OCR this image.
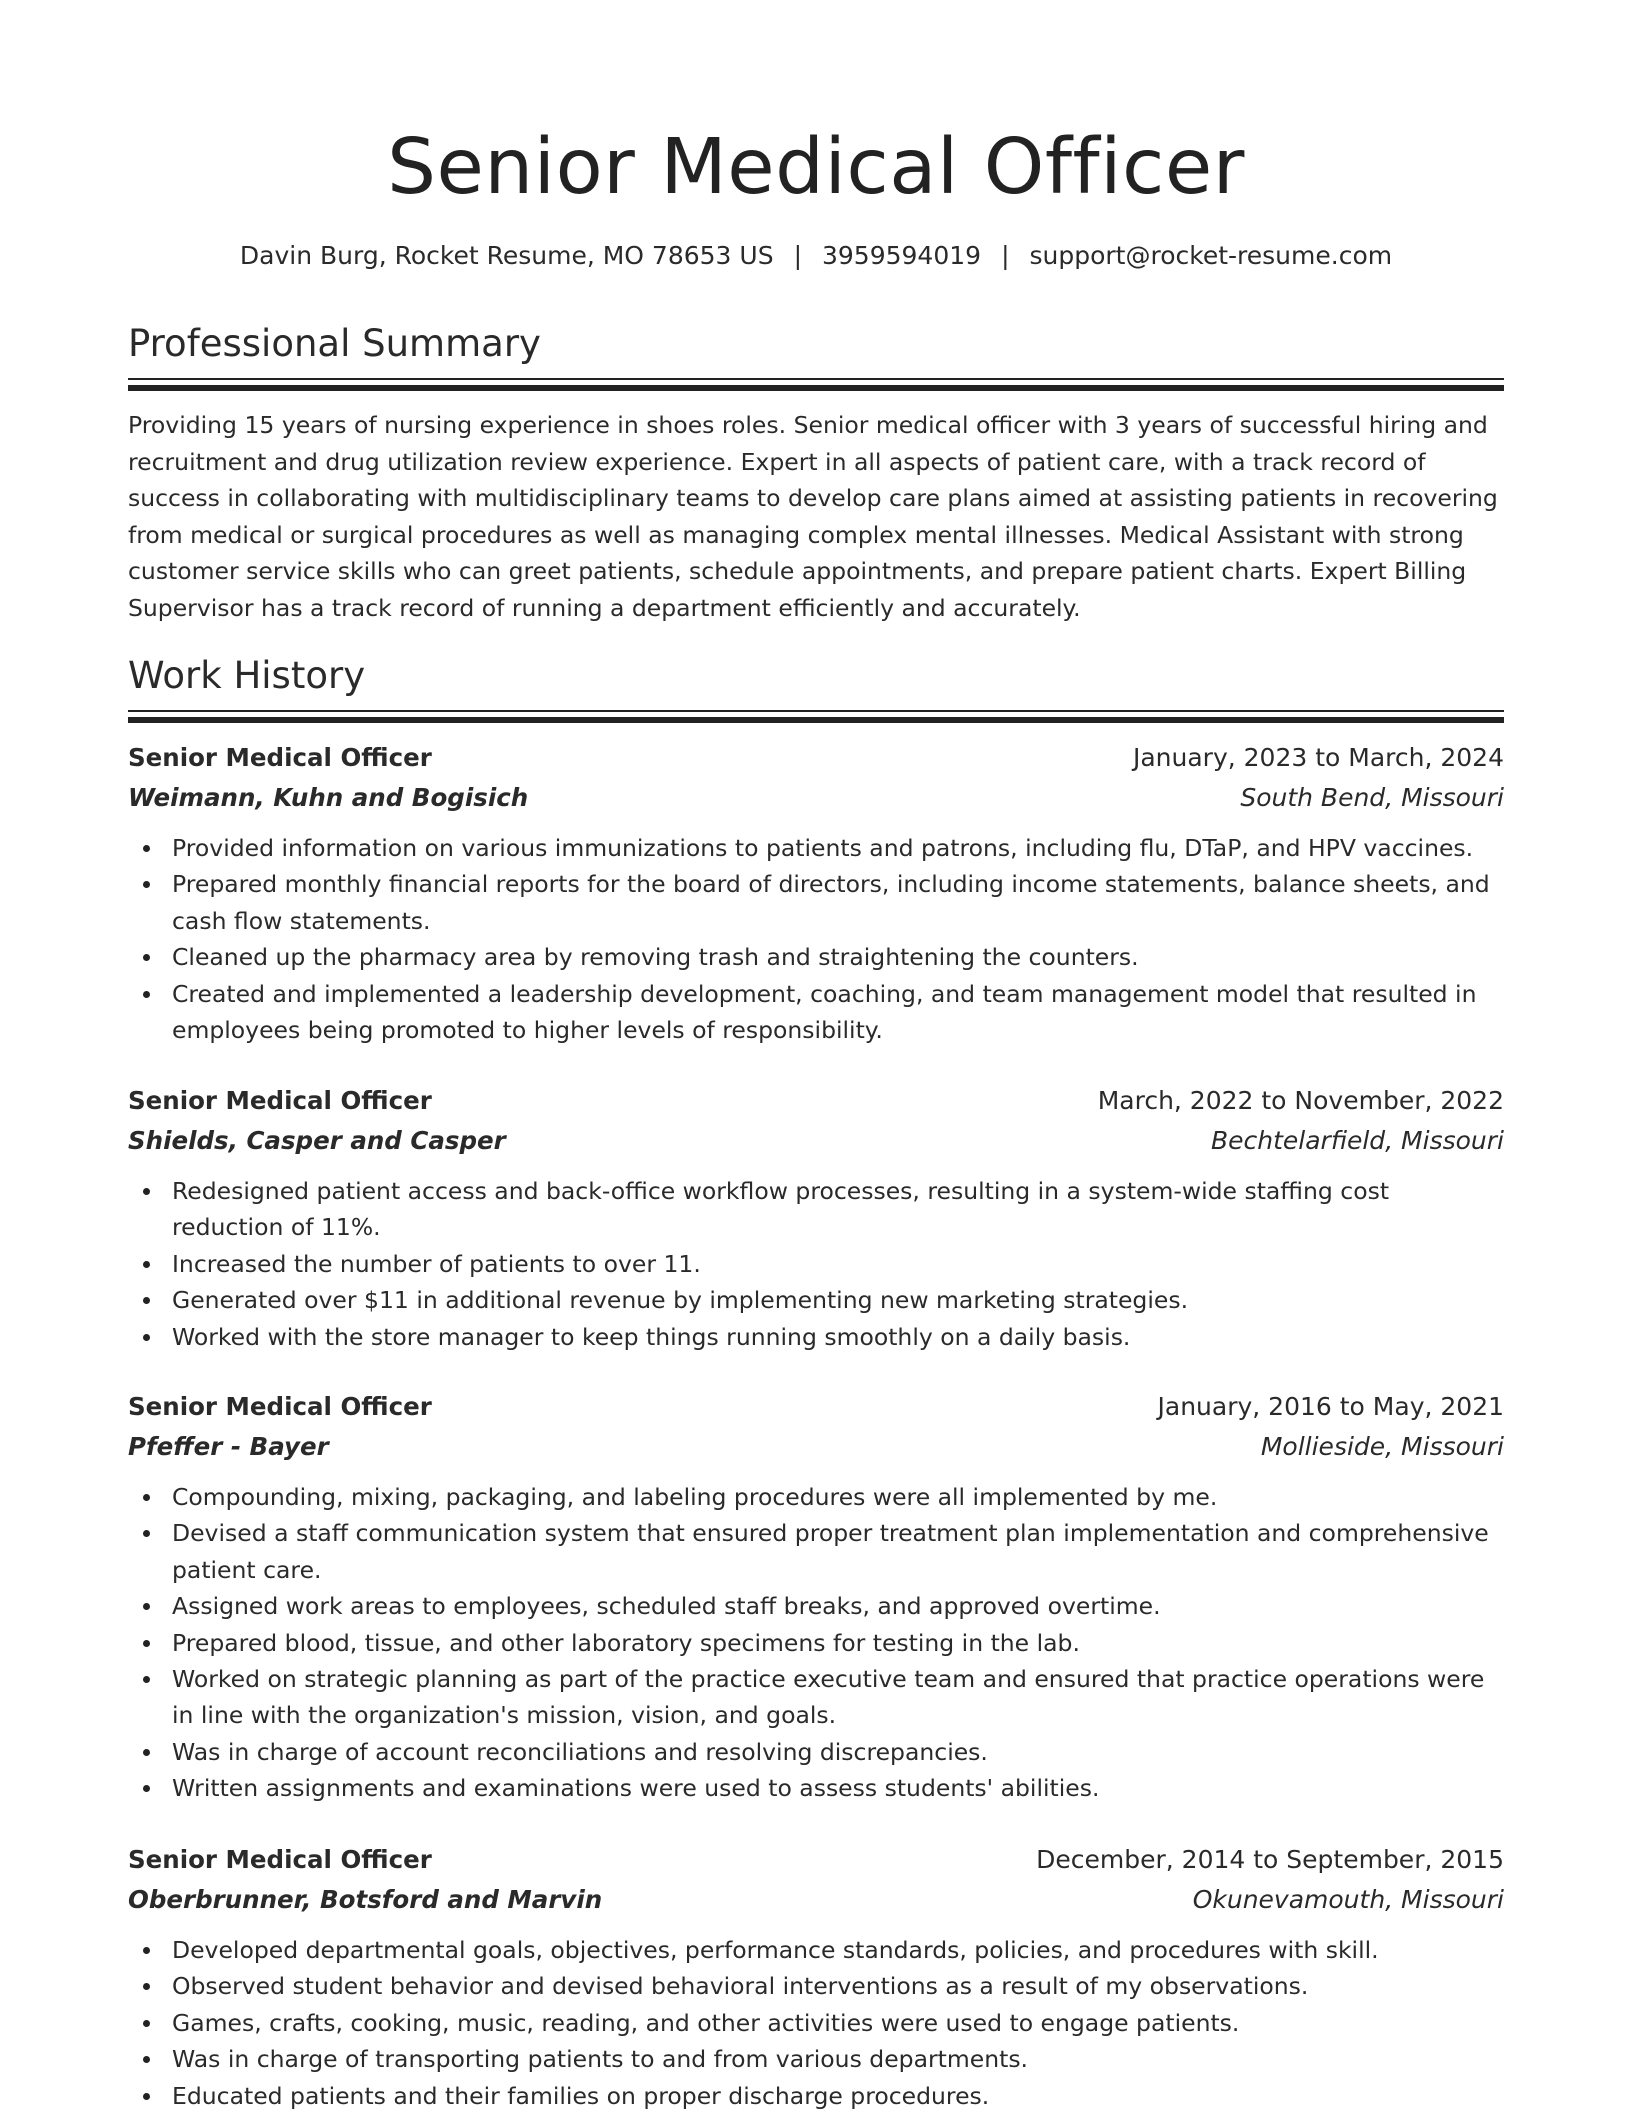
Senior Medical Officer
Davin Burg, Rocket Resume, MO 78653 US | 3959594019 | support@rocket-resume.com
Professional Summary

Providing 15 years of nursing experience in shoes roles. Senior medical officer with 3 years of successful hiring and recruitment and drug utilization review experience. Expert in all aspects of patient care, with a track record of success in collaborating with multidisciplinary teams to develop care plans aimed at assisting patients in recovering from medical or surgical procedures as well as managing complex mental illnesses. Medical Assistant with strong customer service skills who can greet patients, schedule appointments, and prepare patient charts. Expert Billing Supervisor has a track record of running a department efficiently and accurately.

Work History
Senior Medical Officer	January, 2023 to March, 2024
Weimann, Kuhn and Bogisich	South Bend, Missouri
Provided information on various immunizations to patients and patrons, including flu, DTaP, and HPV vaccines.
Prepared monthly financial reports for the board of directors, including income statements, balance sheets, and cash flow statements.
Cleaned up the pharmacy area by removing trash and straightening the counters.
Created and implemented a leadership development, coaching, and team management model that resulted in employees being promoted to higher levels of responsibility.
Senior Medical Officer	March, 2022 to November, 2022
Shields, Casper and Casper	Bechtelarfield, Missouri
Redesigned patient access and back-office workflow processes, resulting in a system-wide staffing cost reduction of 11%.
Increased the number of patients to over 11.
Generated over $11 in additional revenue by implementing new marketing strategies.
Worked with the store manager to keep things running smoothly on a daily basis.
Senior Medical Officer	January, 2016 to May, 2021
Pfeffer - Bayer	Mollieside, Missouri
Compounding, mixing, packaging, and labeling procedures were all implemented by me.
Devised a staff communication system that ensured proper treatment plan implementation and comprehensive patient care.
Assigned work areas to employees, scheduled staff breaks, and approved overtime.
Prepared blood, tissue, and other laboratory specimens for testing in the lab.
Worked on strategic planning as part of the practice executive team and ensured that practice operations were in line with the organization's mission, vision, and goals.
Was in charge of account reconciliations and resolving discrepancies.
Written assignments and examinations were used to assess students' abilities.
Senior Medical Officer	December, 2014 to September, 2015
Oberbrunner, Botsford and Marvin	Okunevamouth, Missouri
Developed departmental goals, objectives, performance standards, policies, and procedures with skill.
Observed student behavior and devised behavioral interventions as a result of my observations.
Games, crafts, cooking, music, reading, and other activities were used to engage patients.
Was in charge of transporting patients to and from various departments.
Educated patients and their families on proper discharge procedures.
